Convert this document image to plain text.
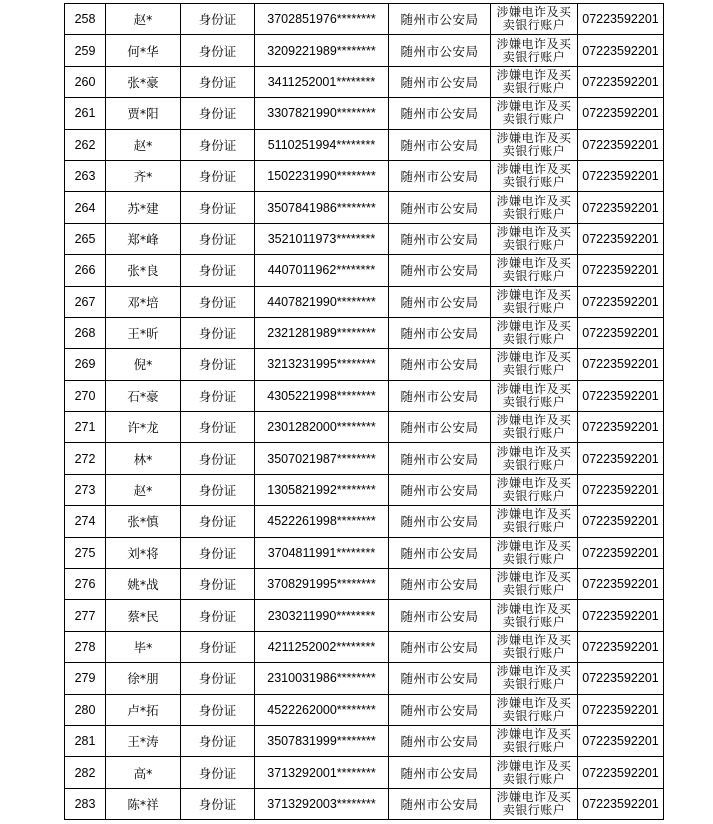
258	赵*	身份证	3702851976********	随州市公安局	涉嫌电诈及买卖银行账户	07223592201
259	何*华	身份证	3209221989********	随州市公安局	涉嫌电诈及买卖银行账户	07223592201
260	张*豪	身份证	3411252001********	随州市公安局	涉嫌电诈及买卖银行账户	07223592201
261	贾*阳	身份证	3307821990********	随州市公安局	涉嫌电诈及买卖银行账户	07223592201
262	赵*	身份证	5110251994********	随州市公安局	涉嫌电诈及买卖银行账户	07223592201
263	齐*	身份证	1502231990********	随州市公安局	涉嫌电诈及买卖银行账户	07223592201
264	苏*建	身份证	3507841986********	随州市公安局	涉嫌电诈及买卖银行账户	07223592201
265	郑*峰	身份证	3521011973********	随州市公安局	涉嫌电诈及买卖银行账户	07223592201
266	张*良	身份证	4407011962********	随州市公安局	涉嫌电诈及买卖银行账户	07223592201
267	邓*培	身份证	4407821990********	随州市公安局	涉嫌电诈及买卖银行账户	07223592201
268	王*昕	身份证	2321281989********	随州市公安局	涉嫌电诈及买卖银行账户	07223592201
269	倪*	身份证	3213231995********	随州市公安局	涉嫌电诈及买卖银行账户	07223592201
270	石*豪	身份证	4305221998********	随州市公安局	涉嫌电诈及买卖银行账户	07223592201
271	许*龙	身份证	2301282000********	随州市公安局	涉嫌电诈及买卖银行账户	07223592201
272	林*	身份证	3507021987********	随州市公安局	涉嫌电诈及买卖银行账户	07223592201
273	赵*	身份证	1305821992********	随州市公安局	涉嫌电诈及买卖银行账户	07223592201
274	张*慎	身份证	4522261998********	随州市公安局	涉嫌电诈及买卖银行账户	07223592201
275	刘*将	身份证	3704811991********	随州市公安局	涉嫌电诈及买卖银行账户	07223592201
276	姚*战	身份证	3708291995********	随州市公安局	涉嫌电诈及买卖银行账户	07223592201
277	蔡*民	身份证	2303211990********	随州市公安局	涉嫌电诈及买卖银行账户	07223592201
278	毕*	身份证	4211252002********	随州市公安局	涉嫌电诈及买卖银行账户	07223592201
279	徐*朋	身份证	2310031986********	随州市公安局	涉嫌电诈及买卖银行账户	07223592201
280	卢*拓	身份证	4522262000********	随州市公安局	涉嫌电诈及买卖银行账户	07223592201
281	王*涛	身份证	3507831999********	随州市公安局	涉嫌电诈及买卖银行账户	07223592201
282	高*	身份证	3713292001********	随州市公安局	涉嫌电诈及买卖银行账户	07223592201
283	陈*祥	身份证	3713292003********	随州市公安局	涉嫌电诈及买卖银行账户	07223592201
